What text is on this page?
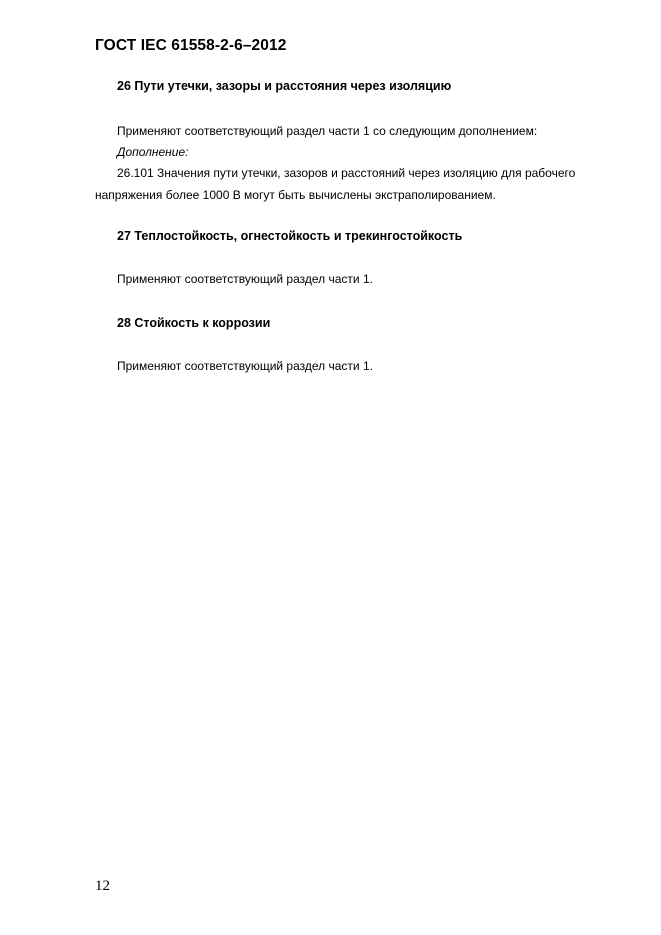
ГОСТ IEC 61558-2-6–2012
26 Пути утечки, зазоры и расстояния через изоляцию
Применяют соответствующий раздел части 1 со следующим дополнением:
Дополнение:
26.101 Значения пути утечки, зазоров и расстояний через изоляцию для рабочего напряжения более 1000 В могут быть вычислены экстраполированием.
27 Теплостойкость, огнестойкость и трекингостойкость
Применяют соответствующий раздел части 1.
28 Стойкость к коррозии
Применяют соответствующий раздел части 1.
12
